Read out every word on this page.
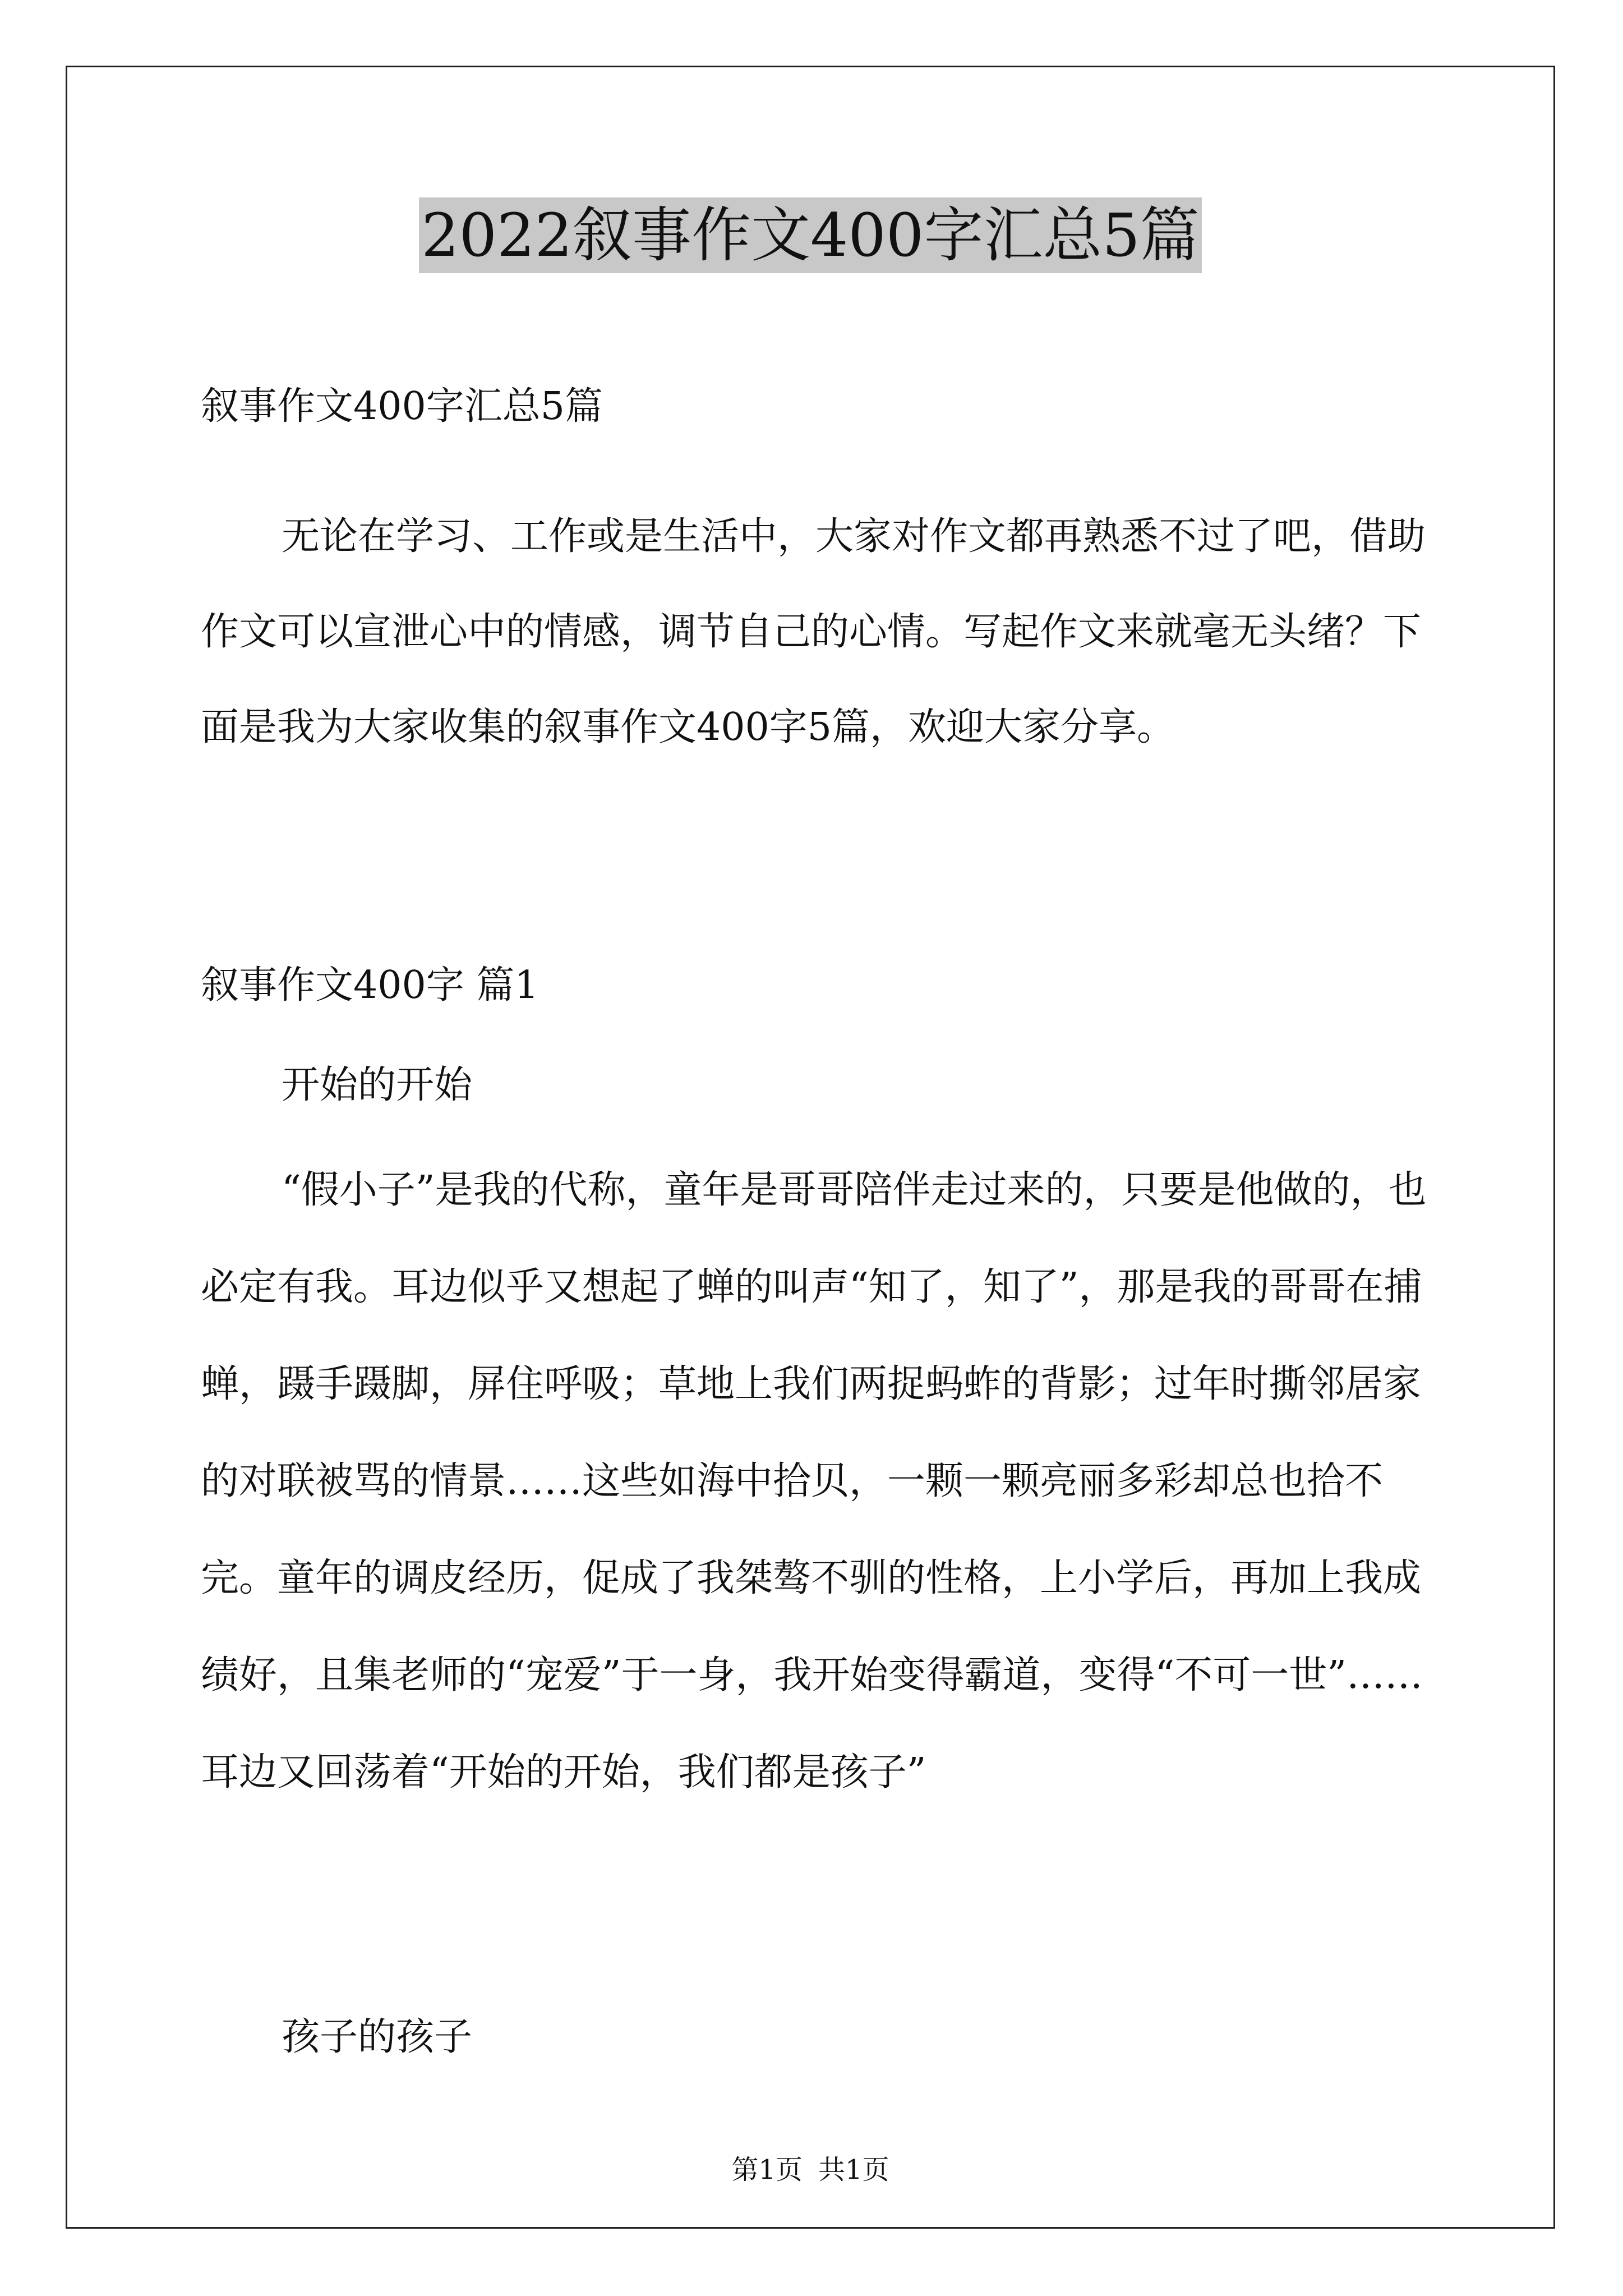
2022叙事作文400字汇总5篇

叙事作文400字汇总5篇

无论在学习、工作或是生活中，大家对作文都再熟悉不过了吧，借助作文可以宣泄心中的情感，调节自己的心情。写起作文来就毫无头绪？下面是我为大家收集的叙事作文400字5篇，欢迎大家分享。

叙事作文400字 篇1

开始的开始

“假小子”是我的代称，童年是哥哥陪伴走过来的，只要是他做的，也必定有我。耳边似乎又想起了蝉的叫声“知了，知了”，那是我的哥哥在捕蝉，蹑手蹑脚，屏住呼吸；草地上我们两捉蚂蚱的背影；过年时撕邻居家的对联被骂的情景……这些如海中拾贝，一颗一颗亮丽多彩却总也拾不完。童年的调皮经历，促成了我桀骜不驯的性格，上小学后，再加上我成绩好，且集老师的“宠爱”于一身，我开始变得霸道，变得“不可一世”……耳边又回荡着“开始的开始，我们都是孩子”

孩子的孩子

第1页 共1页
